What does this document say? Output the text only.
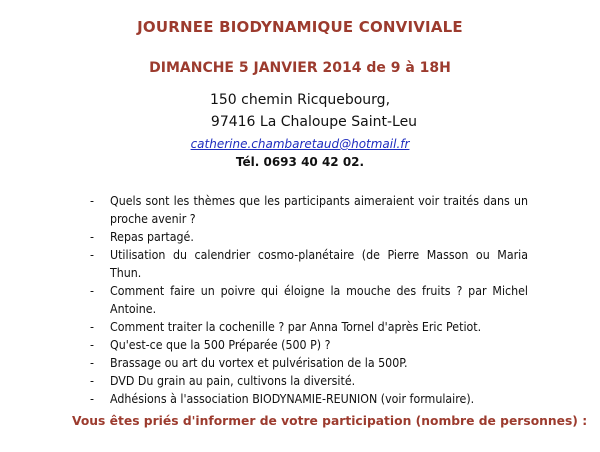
JOURNEE BIODYNAMIQUE CONVIVIALE
DIMANCHE 5 JANVIER 2014 de 9 à 18H
150 chemin Ricquebourg,
97416 La Chaloupe Saint-Leu
catherine.chambaretaud@hotmail.fr
Tél. 0693 40 42 02.
- Quels sont les thèmes que les participants aimeraient voir traités dans un proche avenir ?
- Repas partagé.
- Utilisation du calendrier cosmo-planétaire (de Pierre Masson ou Maria Thun.
- Comment faire un poivre qui éloigne la mouche des fruits ? par Michel Antoine.
- Comment traiter la cochenille ? par Anna Tornel d'après Eric Petiot.
- Qu'est-ce que la 500 Préparée (500 P) ?
- Brassage ou art du vortex et pulvérisation de la 500P.
- DVD Du grain au pain, cultivons la diversité.
- Adhésions à l'association BIODYNAMIE-REUNION (voir formulaire).
Vous êtes priés d'informer de votre participation (nombre de personnes) :
